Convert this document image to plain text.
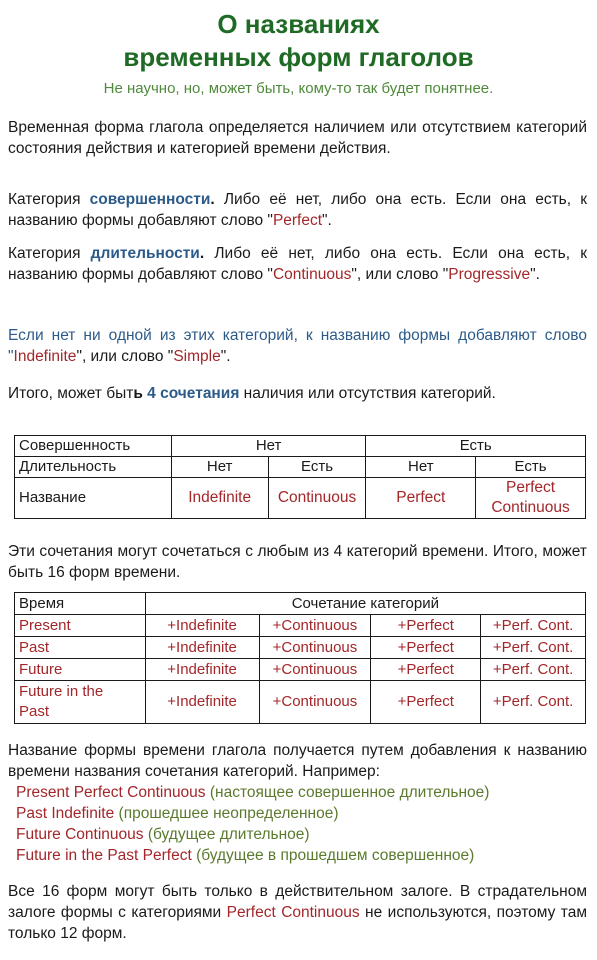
О названиях
временных форм глаголов
Не научно, но, может быть, кому-то так будет понятнее.
Временная форма глагола определяется наличием или отсутствием категорий состояния действия и категорией времени действия.
Категория совершенности. Либо её нет, либо она есть. Если она есть, к названию формы добавляют слово "Perfect".
Категория длительности. Либо её нет, либо она есть. Если она есть, к названию формы добавляют слово "Continuous", или слово "Progressive".
Если нет ни одной из этих категорий, к названию формы добавляют слово "Indefinite", или слово "Simple".
Итого, может быть 4 сочетания наличия или отсутствия категорий.
Совершенность	Нет		Есть	
Длительность	Нет	Есть	Нет	Есть
Название	Indefinite	Continuous	Perfect	Perfect
Continuous
Эти сочетания могут сочетаться с любым из 4 категорий времени. Итого, может быть 16 форм времени.
Время	Сочетание категорий			
Present	+Indefinite	+Continuous	+Perfect	+Perf. Cont.
Past	+Indefinite	+Continuous	+Perfect	+Perf. Cont.
Future	+Indefinite	+Continuous	+Perfect	+Perf. Cont.
Future in the
Past	+Indefinite	+Continuous	+Perfect	+Perf. Cont.
Название формы времени глагола получается путем добавления к названию времени названия сочетания категорий. Например:
Present Perfect Continuous (настоящее совершенное длительное)
Past Indefinite (прошедшее неопределенное)
Future Continuous (будущее длительное)
Future in the Past Perfect (будущее в прошедшем совершенное)
Все 16 форм могут быть только в действительном залоге. В страдательном залоге формы с категориями Perfect Continuous не используются, поэтому там только 12 форм.
